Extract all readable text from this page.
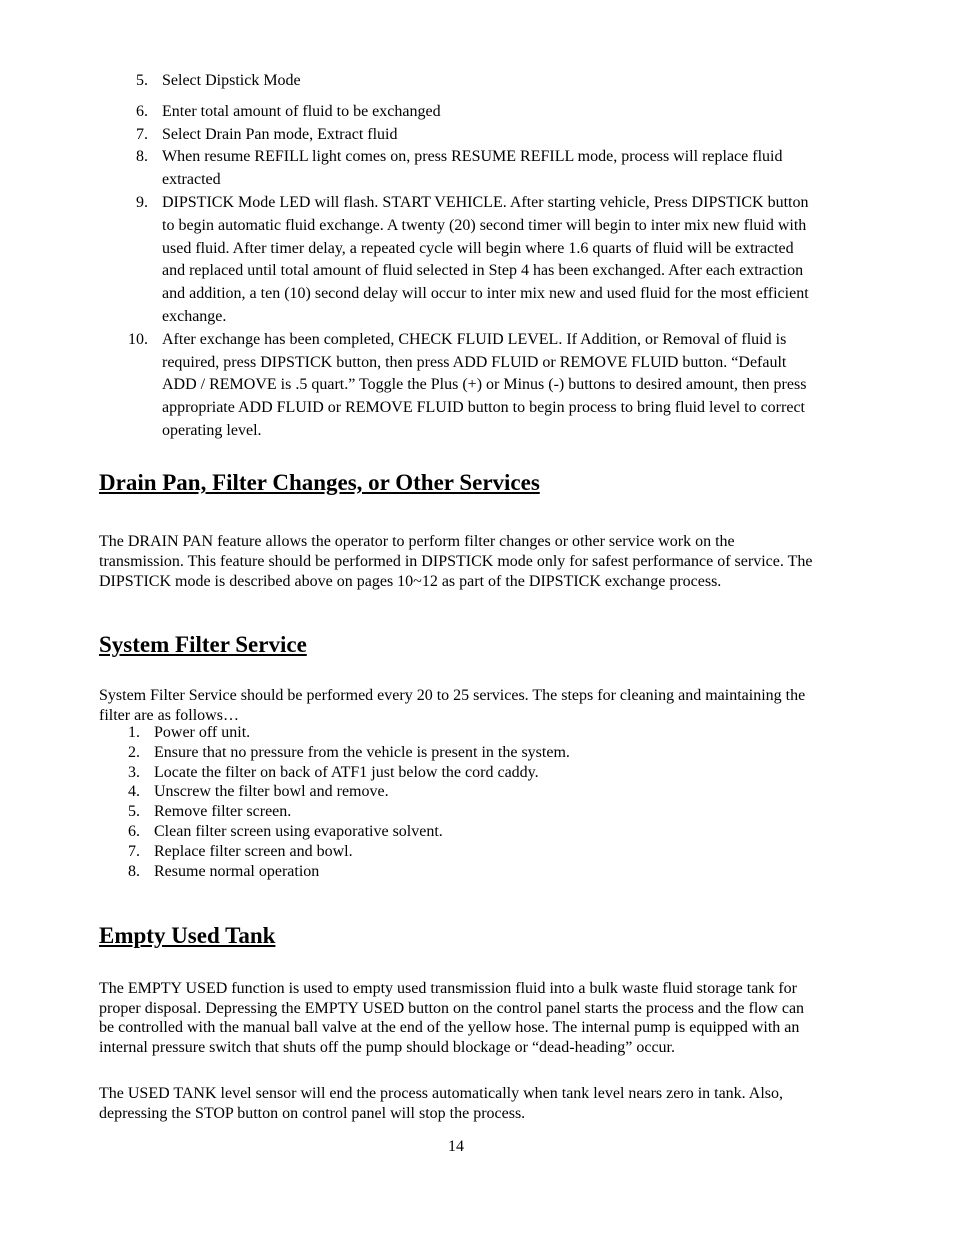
5. Select Dipstick Mode
6. Enter total amount of fluid to be exchanged
7. Select Drain Pan mode, Extract fluid
8. When resume REFILL light comes on, press RESUME REFILL mode, process will replace fluid extracted
9. DIPSTICK Mode LED will flash. START VEHICLE. After starting vehicle, Press DIPSTICK button to begin automatic fluid exchange. A twenty (20) second timer will begin to inter mix new fluid with used fluid. After timer delay, a repeated cycle will begin where 1.6 quarts of fluid will be extracted and replaced until total amount of fluid selected in Step 4 has been exchanged. After each extraction and addition, a ten (10) second delay will occur to inter mix new and used fluid for the most efficient exchange.
10. After exchange has been completed, CHECK FLUID LEVEL. If Addition, or Removal of fluid is required, press DIPSTICK button, then press ADD FLUID or REMOVE FLUID button. “Default ADD / REMOVE is .5 quart.” Toggle the Plus (+) or Minus (-) buttons to desired amount, then press appropriate ADD FLUID or REMOVE FLUID button to begin process to bring fluid level to correct operating level.
Drain Pan, Filter Changes, or Other Services

The DRAIN PAN feature allows the operator to perform filter changes or other service work on the transmission. This feature should be performed in DIPSTICK mode only for safest performance of service. The DIPSTICK mode is described above on pages 10~12 as part of the DIPSTICK exchange process.

System Filter Service

System Filter Service should be performed every 20 to 25 services. The steps for cleaning and maintaining the filter are as follows…

1. Power off unit.
2. Ensure that no pressure from the vehicle is present in the system.
3. Locate the filter on back of ATF1 just below the cord caddy.
4. Unscrew the filter bowl and remove.
5. Remove filter screen.
6. Clean filter screen using evaporative solvent.
7. Replace filter screen and bowl.
8. Resume normal operation
Empty Used Tank

The EMPTY USED function is used to empty used transmission fluid into a bulk waste fluid storage tank for proper disposal. Depressing the EMPTY USED button on the control panel starts the process and the flow can be controlled with the manual ball valve at the end of the yellow hose. The internal pump is equipped with an internal pressure switch that shuts off the pump should blockage or “dead-heading” occur.

The USED TANK level sensor will end the process automatically when tank level nears zero in tank. Also, depressing the STOP button on control panel will stop the process.

14
